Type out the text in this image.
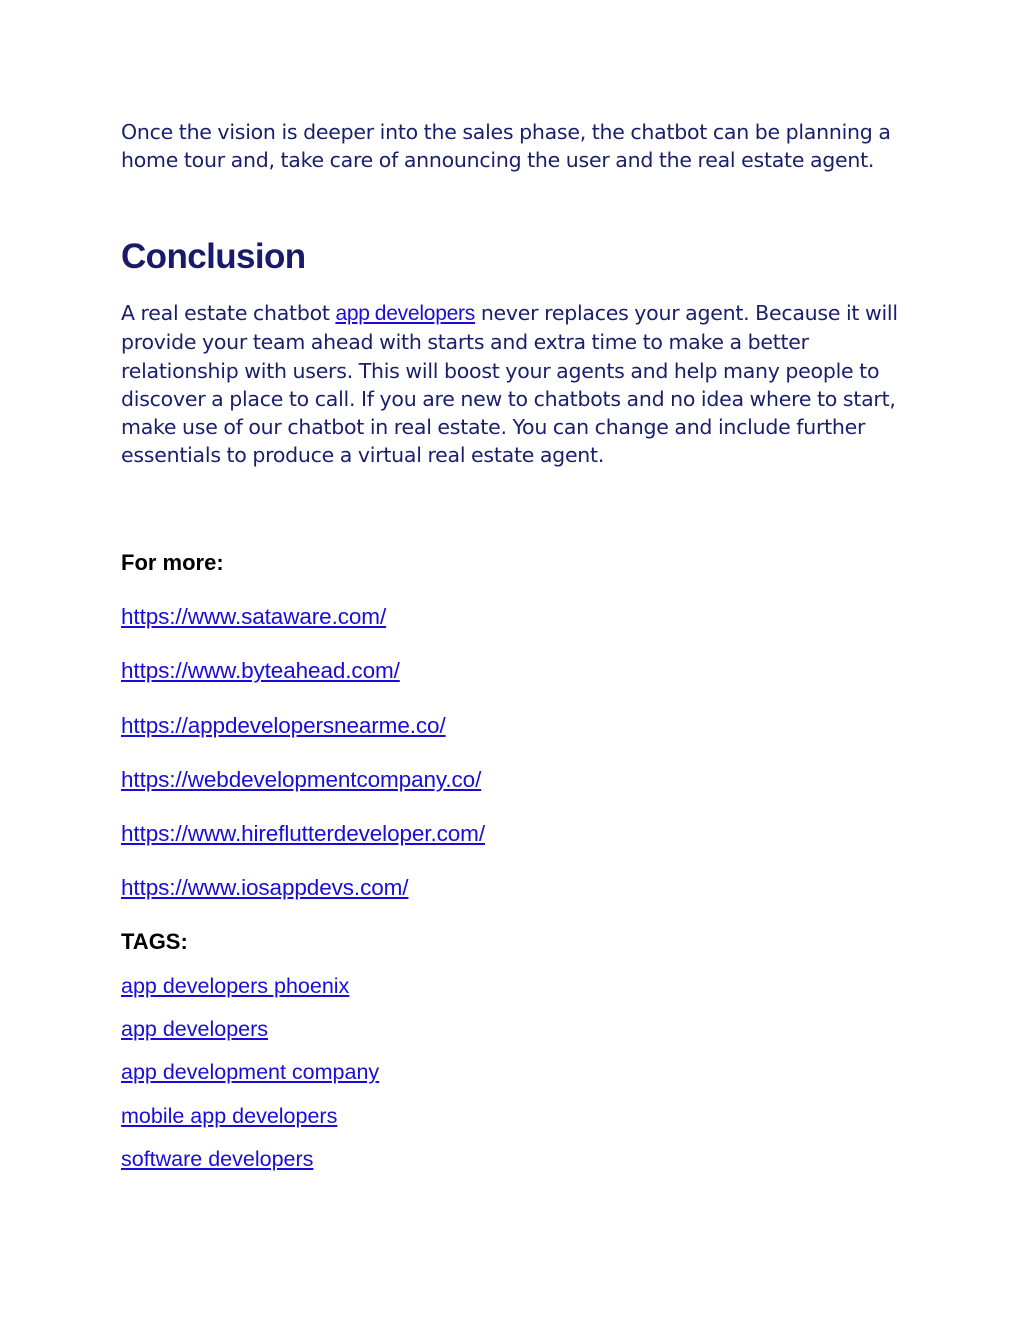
Once the vision is deeper into the sales phase, the chatbot can be planning a home tour and, take care of announcing the user and the real estate agent.

Conclusion

A real estate chatbot app developers never replaces your agent. Because it will provide your team ahead with starts and extra time to make a better relationship with users. This will boost your agents and help many people to discover a place to call. If you are new to chatbots and no idea where to start, make use of our chatbot in real estate. You can change and include further essentials to produce a virtual real estate agent.

For more:

https://www.sataware.com/
https://www.byteahead.com/
https://appdevelopersnearme.co/
https://webdevelopmentcompany.co/
https://www.hireflutterdeveloper.com/
https://www.iosappdevs.com/

TAGS:

app developers phoenix
app developers
app development company
mobile app developers
software developers
